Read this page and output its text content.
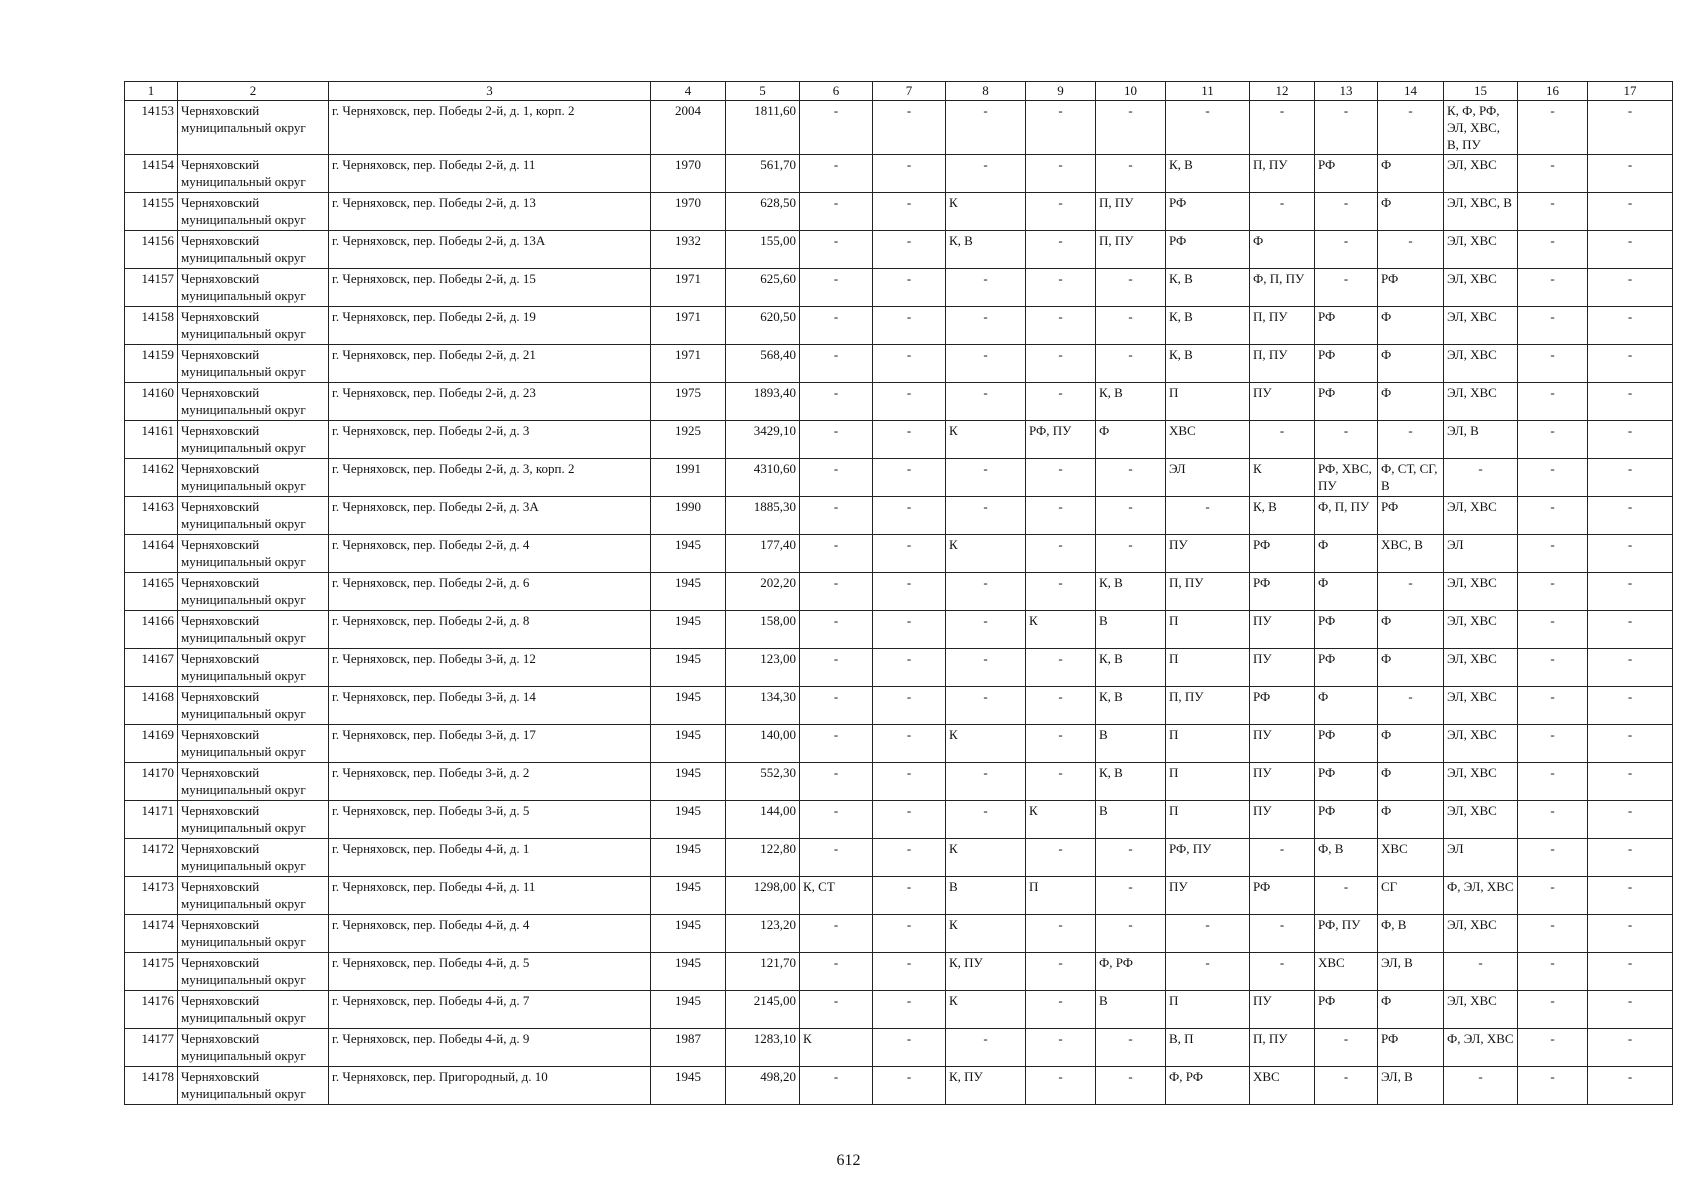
1	2	3	4	5	6	7	8	9	10	11	12	13	14	15	16	17
14153	Черняховский муниципальный округ	г. Черняховск, пер. Победы 2-й, д. 1, корп. 2	2004	1811,60	-	-	-	-	-	-	-	-	-	К, Ф, РФ, ЭЛ, ХВС, В, ПУ	-	-
14154	Черняховский муниципальный округ	г. Черняховск, пер. Победы 2-й, д. 11	1970	561,70	-	-	-	-	-	К, В	П, ПУ	РФ	Ф	ЭЛ, ХВС	-	-
14155	Черняховский муниципальный округ	г. Черняховск, пер. Победы 2-й, д. 13	1970	628,50	-	-	К	-	П, ПУ	РФ	-	-	Ф	ЭЛ, ХВС, В	-	-
14156	Черняховский муниципальный округ	г. Черняховск, пер. Победы 2-й, д. 13А	1932	155,00	-	-	К, В	-	П, ПУ	РФ	Ф	-	-	ЭЛ, ХВС	-	-
14157	Черняховский муниципальный округ	г. Черняховск, пер. Победы 2-й, д. 15	1971	625,60	-	-	-	-	-	К, В	Ф, П, ПУ	-	РФ	ЭЛ, ХВС	-	-
14158	Черняховский муниципальный округ	г. Черняховск, пер. Победы 2-й, д. 19	1971	620,50	-	-	-	-	-	К, В	П, ПУ	РФ	Ф	ЭЛ, ХВС	-	-
14159	Черняховский муниципальный округ	г. Черняховск, пер. Победы 2-й, д. 21	1971	568,40	-	-	-	-	-	К, В	П, ПУ	РФ	Ф	ЭЛ, ХВС	-	-
14160	Черняховский муниципальный округ	г. Черняховск, пер. Победы 2-й, д. 23	1975	1893,40	-	-	-	-	К, В	П	ПУ	РФ	Ф	ЭЛ, ХВС	-	-
14161	Черняховский муниципальный округ	г. Черняховск, пер. Победы 2-й, д. 3	1925	3429,10	-	-	К	РФ, ПУ	Ф	ХВС	-	-	-	ЭЛ, В	-	-
14162	Черняховский муниципальный округ	г. Черняховск, пер. Победы 2-й, д. 3, корп. 2	1991	4310,60	-	-	-	-	-	ЭЛ	К	РФ, ХВС, ПУ	Ф, СТ, СГ, В	-	-	-
14163	Черняховский муниципальный округ	г. Черняховск, пер. Победы 2-й, д. 3А	1990	1885,30	-	-	-	-	-	-	К, В	Ф, П, ПУ	РФ	ЭЛ, ХВС	-	-
14164	Черняховский муниципальный округ	г. Черняховск, пер. Победы 2-й, д. 4	1945	177,40	-	-	К	-	-	ПУ	РФ	Ф	ХВС, В	ЭЛ	-	-
14165	Черняховский муниципальный округ	г. Черняховск, пер. Победы 2-й, д. 6	1945	202,20	-	-	-	-	К, В	П, ПУ	РФ	Ф	-	ЭЛ, ХВС	-	-
14166	Черняховский муниципальный округ	г. Черняховск, пер. Победы 2-й, д. 8	1945	158,00	-	-	-	К	В	П	ПУ	РФ	Ф	ЭЛ, ХВС	-	-
14167	Черняховский муниципальный округ	г. Черняховск, пер. Победы 3-й, д. 12	1945	123,00	-	-	-	-	К, В	П	ПУ	РФ	Ф	ЭЛ, ХВС	-	-
14168	Черняховский муниципальный округ	г. Черняховск, пер. Победы 3-й, д. 14	1945	134,30	-	-	-	-	К, В	П, ПУ	РФ	Ф	-	ЭЛ, ХВС	-	-
14169	Черняховский муниципальный округ	г. Черняховск, пер. Победы 3-й, д. 17	1945	140,00	-	-	К	-	В	П	ПУ	РФ	Ф	ЭЛ, ХВС	-	-
14170	Черняховский муниципальный округ	г. Черняховск, пер. Победы 3-й, д. 2	1945	552,30	-	-	-	-	К, В	П	ПУ	РФ	Ф	ЭЛ, ХВС	-	-
14171	Черняховский муниципальный округ	г. Черняховск, пер. Победы 3-й, д. 5	1945	144,00	-	-	-	К	В	П	ПУ	РФ	Ф	ЭЛ, ХВС	-	-
14172	Черняховский муниципальный округ	г. Черняховск, пер. Победы 4-й, д. 1	1945	122,80	-	-	К	-	-	РФ, ПУ	-	Ф, В	ХВС	ЭЛ	-	-
14173	Черняховский муниципальный округ	г. Черняховск, пер. Победы 4-й, д. 11	1945	1298,00	К, СТ	-	В	П	-	ПУ	РФ	-	СГ	Ф, ЭЛ, ХВС	-	-
14174	Черняховский муниципальный округ	г. Черняховск, пер. Победы 4-й, д. 4	1945	123,20	-	-	К	-	-	-	-	РФ, ПУ	Ф, В	ЭЛ, ХВС	-	-
14175	Черняховский муниципальный округ	г. Черняховск, пер. Победы 4-й, д. 5	1945	121,70	-	-	К, ПУ	-	Ф, РФ	-	-	ХВС	ЭЛ, В	-	-	-
14176	Черняховский муниципальный округ	г. Черняховск, пер. Победы 4-й, д. 7	1945	2145,00	-	-	К	-	В	П	ПУ	РФ	Ф	ЭЛ, ХВС	-	-
14177	Черняховский муниципальный округ	г. Черняховск, пер. Победы 4-й, д. 9	1987	1283,10	К	-	-	-	-	В, П	П, ПУ	-	РФ	Ф, ЭЛ, ХВС	-	-
14178	Черняховский муниципальный округ	г. Черняховск, пер. Пригородный, д. 10	1945	498,20	-	-	К, ПУ	-	-	Ф, РФ	ХВС	-	ЭЛ, В	-	-	-
612
